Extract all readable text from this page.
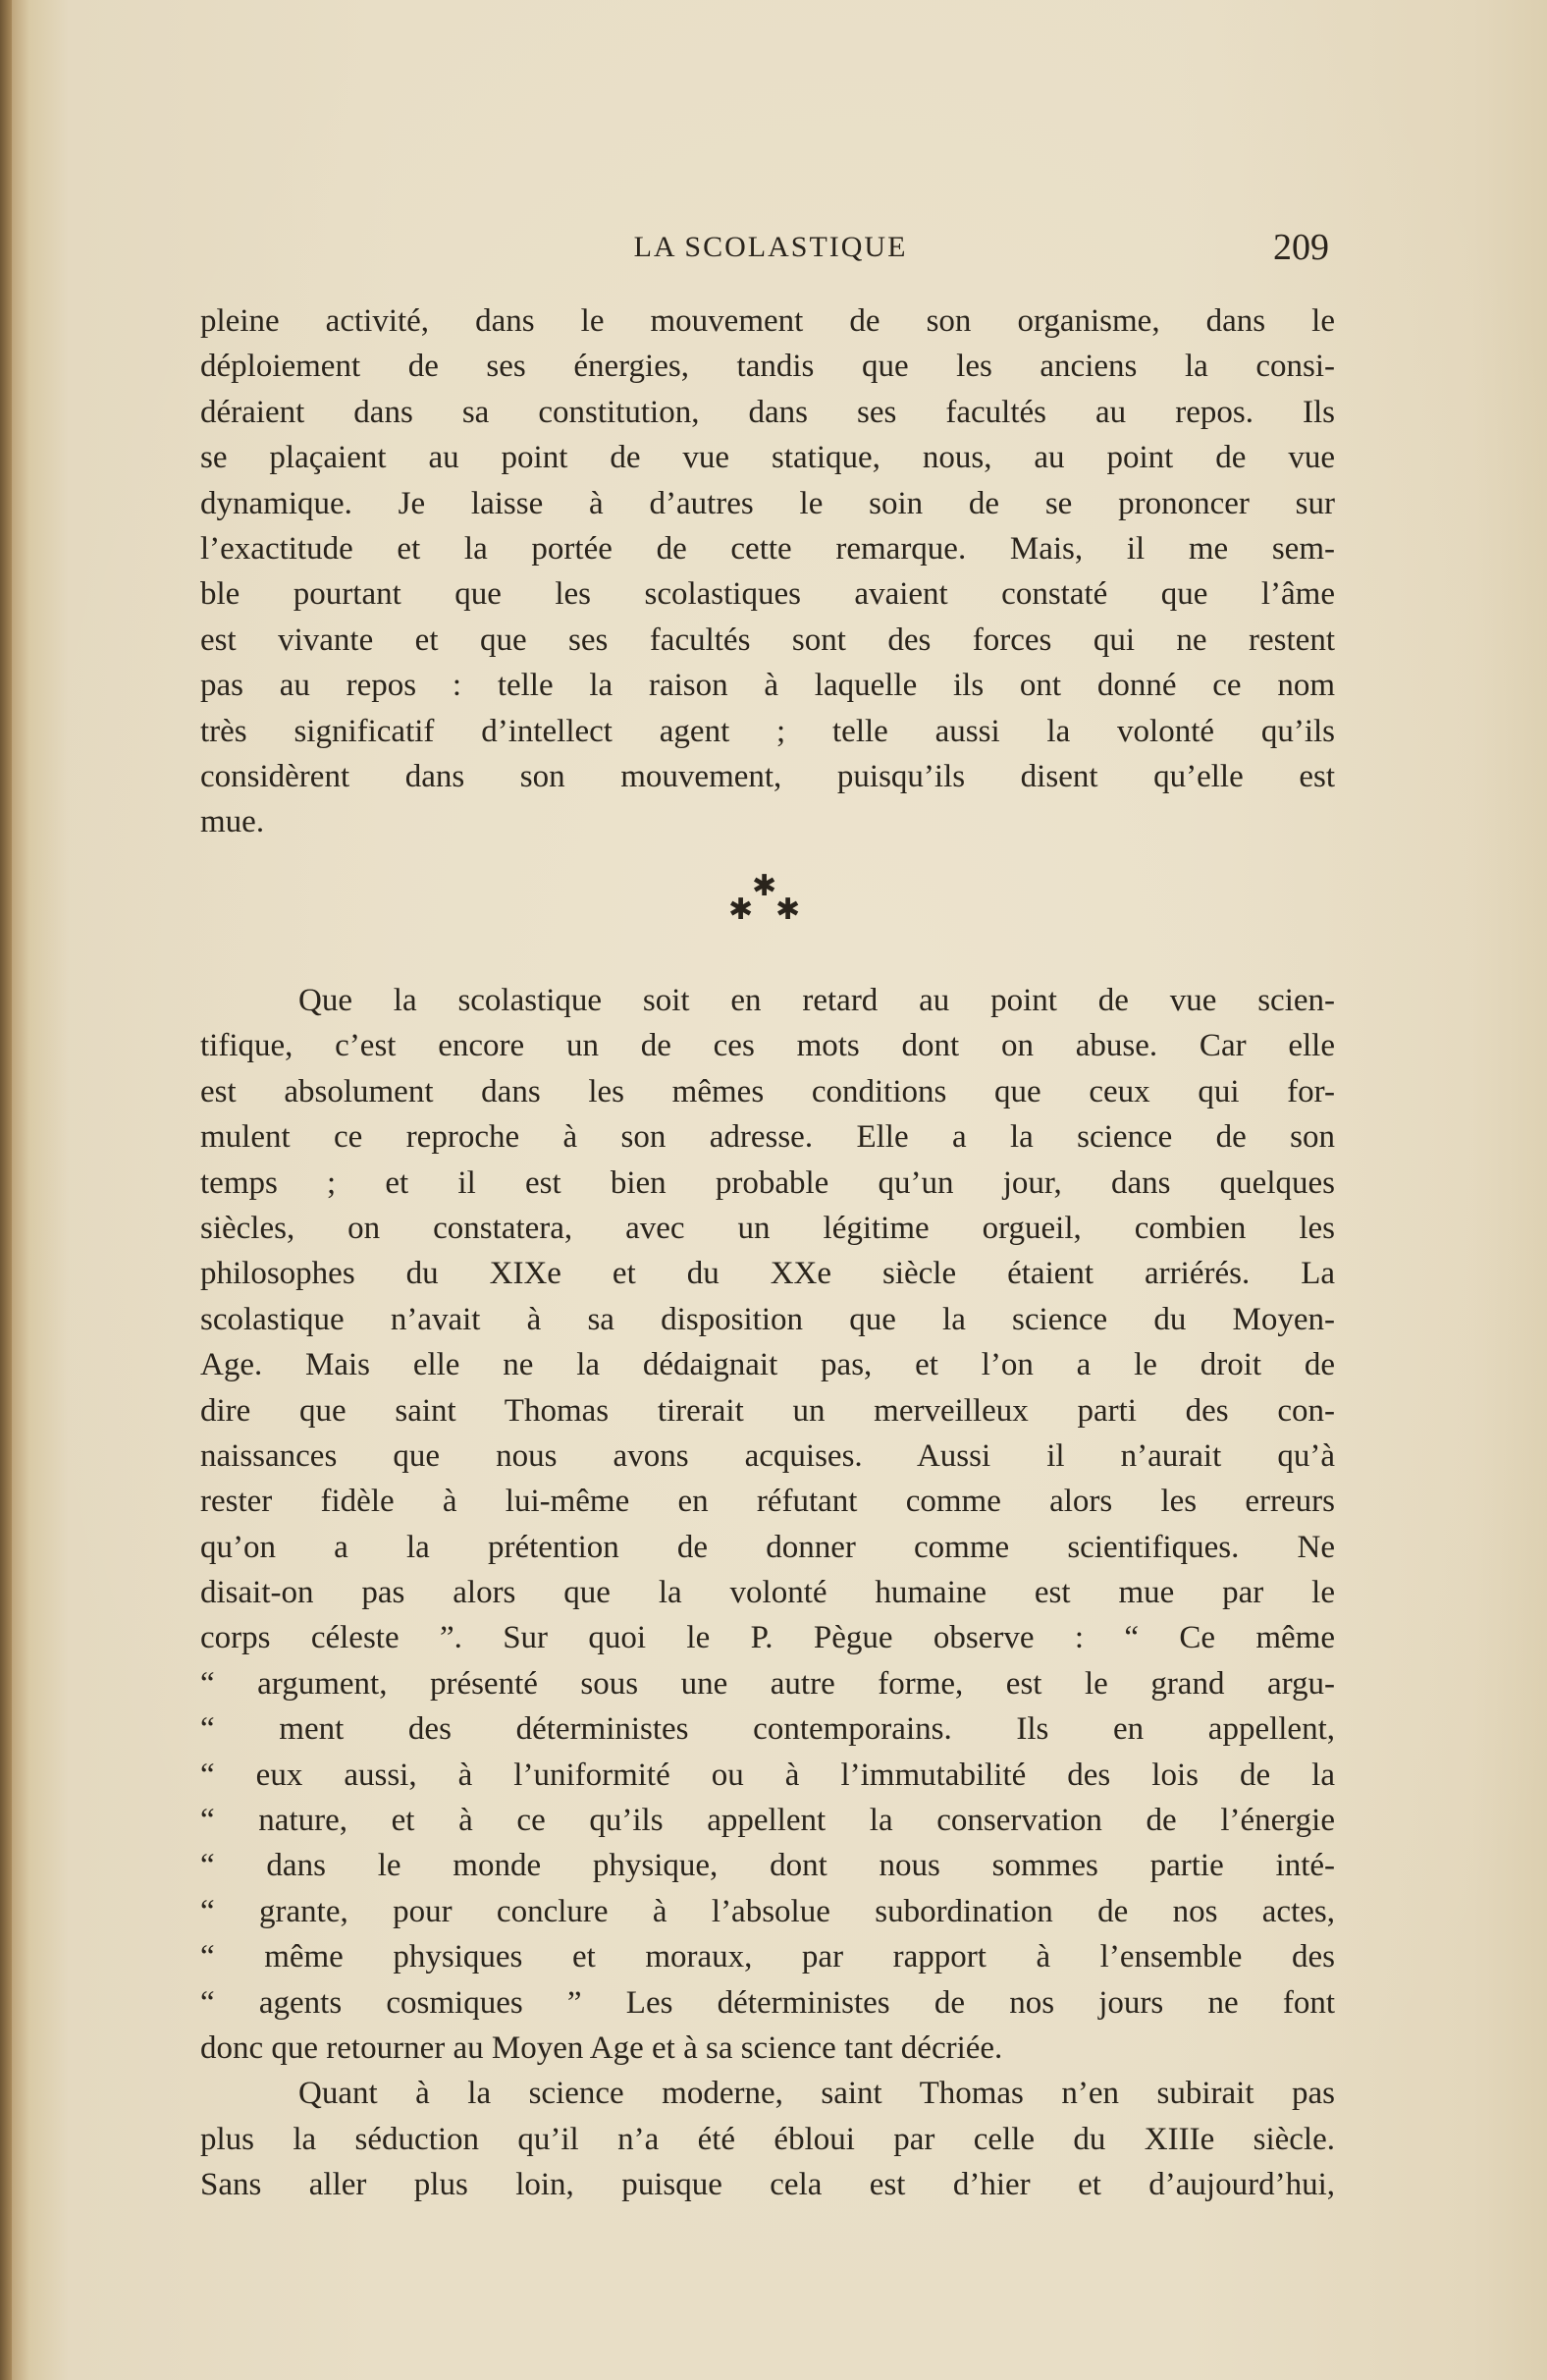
LA SCOLASTIQUE	209
pleine activité, dans le mouvement de son organisme, dans le
déploiement de ses énergies, tandis que les anciens la consi-
déraient dans sa constitution, dans ses facultés au repos. Ils
se plaçaient au point de vue statique, nous, au point de vue
dynamique. Je laisse à d’autres le soin de se prononcer sur
l’exactitude et la portée de cette remarque. Mais, il me sem-
ble pourtant que les scolastiques avaient constaté que l’âme
est vivante et que ses facultés sont des forces qui ne restent
pas au repos : telle la raison à laquelle ils ont donné ce nom
très significatif d’intellect agent ; telle aussi la volonté qu’ils
considèrent dans son mouvement, puisqu’ils disent qu’elle est
mue.
✱
✱ ✱
Que la scolastique soit en retard au point de vue scien-
tifique, c’est encore un de ces mots dont on abuse. Car elle
est absolument dans les mêmes conditions que ceux qui for-
mulent ce reproche à son adresse. Elle a la science de son
temps ; et il est bien probable qu’un jour, dans quelques
siècles, on constatera, avec un légitime orgueil, combien les
philosophes du XIXe et du XXe siècle étaient arriérés. La
scolastique n’avait à sa disposition que la science du Moyen-
Age. Mais elle ne la dédaignait pas, et l’on a le droit de
dire que saint Thomas tirerait un merveilleux parti des con-
naissances que nous avons acquises. Aussi il n’aurait qu’à
rester fidèle à lui-même en réfutant comme alors les erreurs
qu’on a la prétention de donner comme scientifiques. Ne
disait-on pas alors que la volonté humaine est mue par le
corps céleste ”. Sur quoi le P. Pègue observe : “ Ce même
“ argument, présenté sous une autre forme, est le grand argu-
“ ment des déterministes contemporains. Ils en appellent,
“ eux aussi, à l’uniformité ou à l’immutabilité des lois de la
“ nature, et à ce qu’ils appellent la conservation de l’énergie
“ dans le monde physique, dont nous sommes partie inté-
“ grante, pour conclure à l’absolue subordination de nos actes,
“ même physiques et moraux, par rapport à l’ensemble des
“ agents cosmiques ” Les déterministes de nos jours ne font
donc que retourner au Moyen Age et à sa science tant décriée.
Quant à la science moderne, saint Thomas n’en subirait pas
plus la séduction qu’il n’a été ébloui par celle du XIIIe siècle.
Sans aller plus loin, puisque cela est d’hier et d’aujourd’hui,
